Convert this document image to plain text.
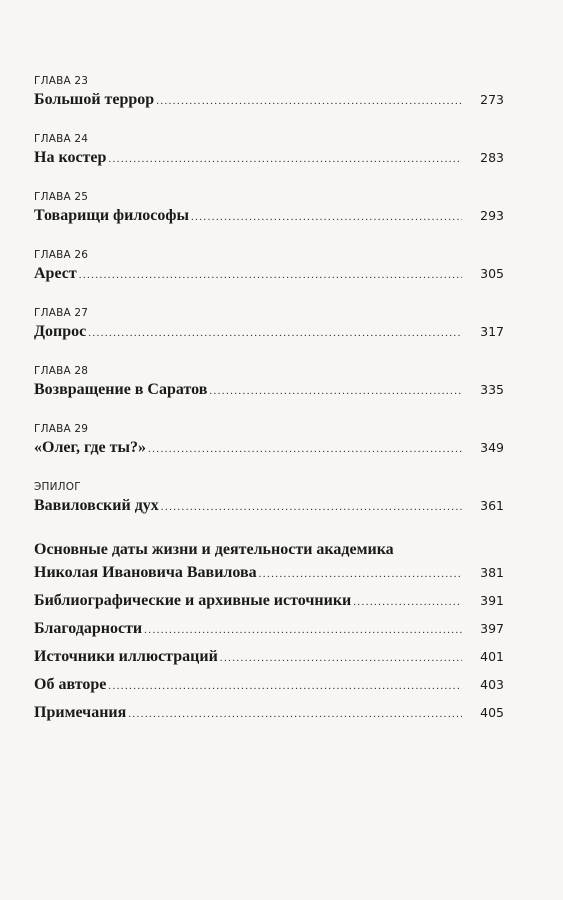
ГЛАВА 23
Большой террор .....	273
ГЛАВА 24
На костер .....	283
ГЛАВА 25
Товарищи философы .....	293
ГЛАВА 26
Арест .....	305
ГЛАВА 27
Допрос .....	317
ГЛАВА 28
Возвращение в Саратов .....	335
ГЛАВА 29
«Олег, где ты?» .....	349
ЭПИЛОГ
Вавиловский дух .....	361
Основные даты жизни и деятельности академика
Николая Ивановича Вавилова .....	381
Библиографические и архивные источники .....	391
Благодарности .....	397
Источники иллюстраций .....	401
Об авторе .....	403
Примечания .....	405
